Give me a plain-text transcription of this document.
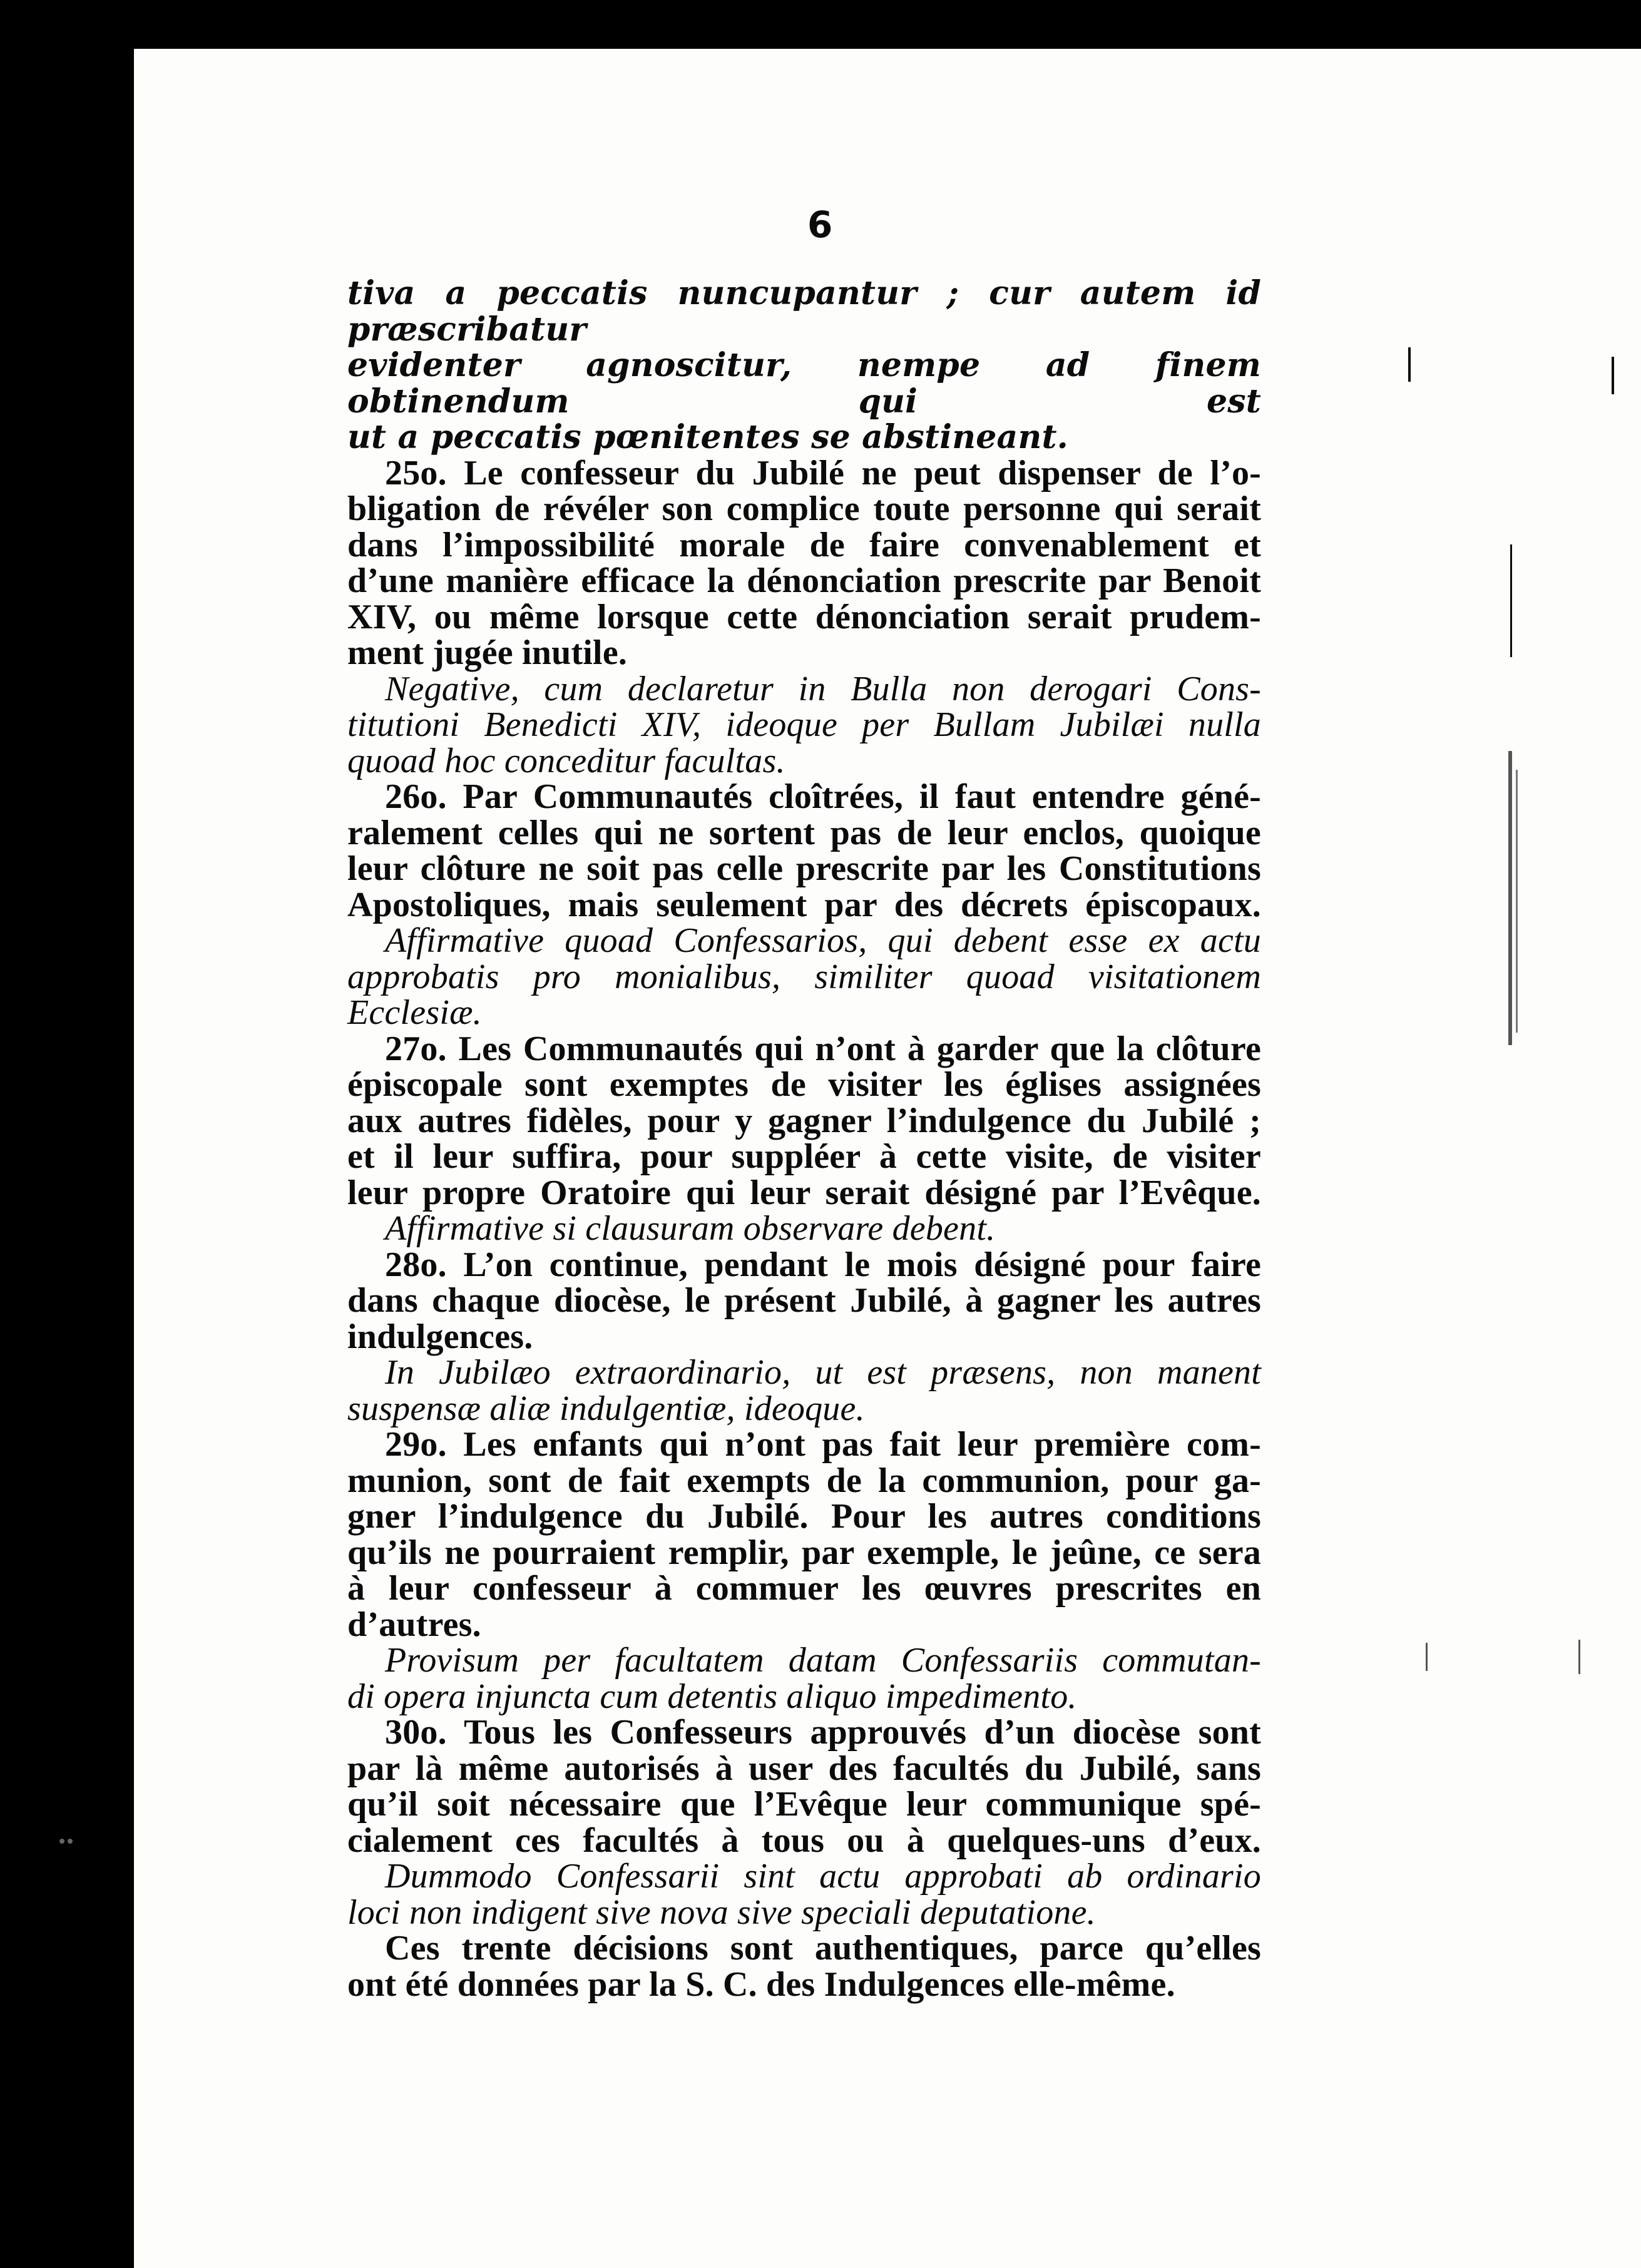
6

tiva a peccatis nuncupantur ; cur autem id præscribatur

evidenter agnoscitur, nempe ad finem obtinendum qui est

ut a peccatis pœnitentes se abstineant.

25o. Le confesseur du Jubilé ne peut dispenser de l’o-

bligation de révéler son complice toute personne qui serait

dans l’impossibilité morale de faire convenablement et

d’une manière efficace la dénonciation prescrite par Benoit

XIV, ou même lorsque cette dénonciation serait prudem-

ment jugée inutile.

Negative, cum declaretur in Bulla non derogari Cons-

titutioni Benedicti XIV, ideoque per Bullam Jubilæi nulla

quoad hoc conceditur facultas.

26o. Par Communautés cloîtrées, il faut entendre géné-

ralement celles qui ne sortent pas de leur enclos, quoique

leur clôture ne soit pas celle prescrite par les Constitutions

Apostoliques, mais seulement par des décrets épiscopaux.

Affirmative quoad Confessarios, qui debent esse ex actu

approbatis pro monialibus, similiter quoad visitationem

Ecclesiæ.

27o. Les Communautés qui n’ont à garder que la clôture

épiscopale sont exemptes de visiter les églises assignées

aux autres fidèles, pour y gagner l’indulgence du Jubilé ;

et il leur suffira, pour suppléer à cette visite, de visiter

leur propre Oratoire qui leur serait désigné par l’Evêque.

Affirmative si clausuram observare debent.

28o. L’on continue, pendant le mois désigné pour faire

dans chaque diocèse, le présent Jubilé, à gagner les autres

indulgences.

In Jubilæo extraordinario, ut est præsens, non manent

suspensæ aliæ indulgentiæ, ideoque.

29o. Les enfants qui n’ont pas fait leur première com-

munion, sont de fait exempts de la communion, pour ga-

gner l’indulgence du Jubilé. Pour les autres conditions

qu’ils ne pourraient remplir, par exemple, le jeûne, ce sera

à leur confesseur à commuer les œuvres prescrites en

d’autres.

Provisum per facultatem datam Confessariis commutan-

di opera injuncta cum detentis aliquo impedimento.

30o. Tous les Confesseurs approuvés d’un diocèse sont

par là même autorisés à user des facultés du Jubilé, sans

qu’il soit nécessaire que l’Evêque leur communique spé-

cialement ces facultés à tous ou à quelques-uns d’eux.

Dummodo Confessarii sint actu approbati ab ordinario

loci non indigent sive nova sive speciali deputatione.

Ces trente décisions sont authentiques, parce qu’elles

ont été données par la S. C. des Indulgences elle-même.
